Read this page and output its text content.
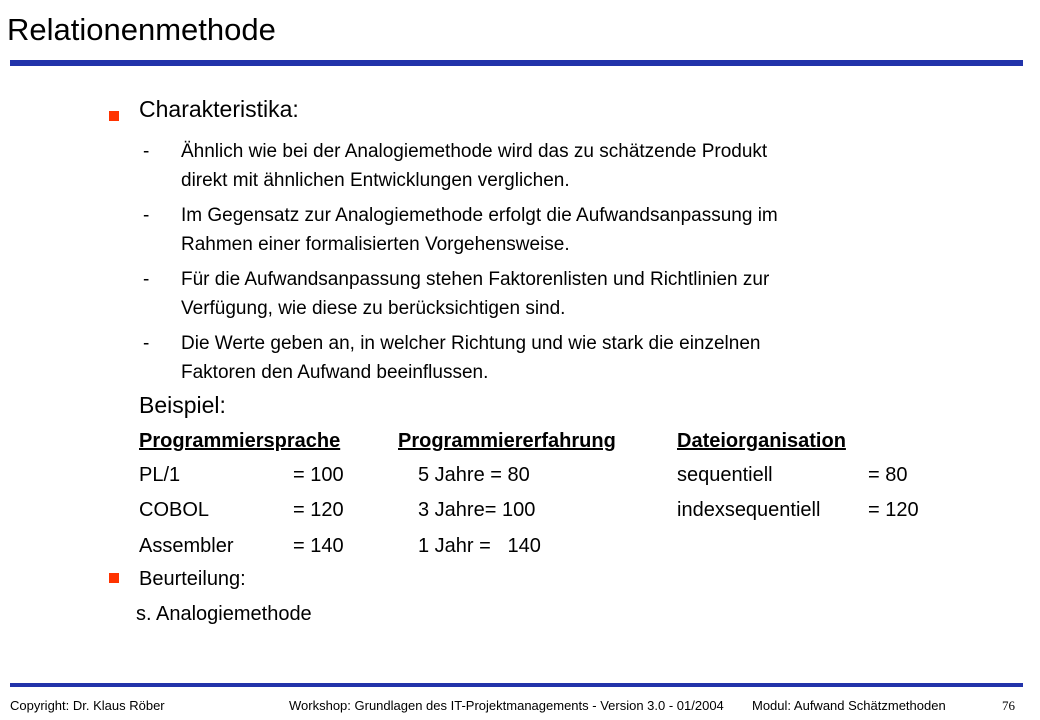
Relationenmethode
Charakteristika:
-	Ähnlich wie bei der Analogiemethode wird das zu schätzende Produkt
direkt mit ähnlichen Entwicklungen verglichen.
-	Im Gegensatz zur Analogiemethode erfolgt die Aufwandsanpassung im
Rahmen einer formalisierten Vorgehensweise.
-	Für die Aufwandsanpassung stehen Faktorenlisten und Richtlinien zur
Verfügung, wie diese zu berücksichtigen sind.
-	Die Werte geben an, in welcher Richtung und wie stark die einzelnen
Faktoren den Aufwand beeinflussen.
Beispiel:
Programmiersprache	Programmiererfahrung	Dateiorganisation
PL/1	= 100	5 Jahre = 80	sequentiell	= 80
COBOL	= 120	3 Jahre= 100	indexsequentiell = 120
Assembler	= 140	1 Jahr =   140
Beurteilung:
s. Analogiemethode
Copyright: Dr. Klaus Röber	Workshop: Grundlagen des IT-Projektmanagements - Version 3.0 - 01/2004 Modul: Aufwand Schätzmethoden	76
